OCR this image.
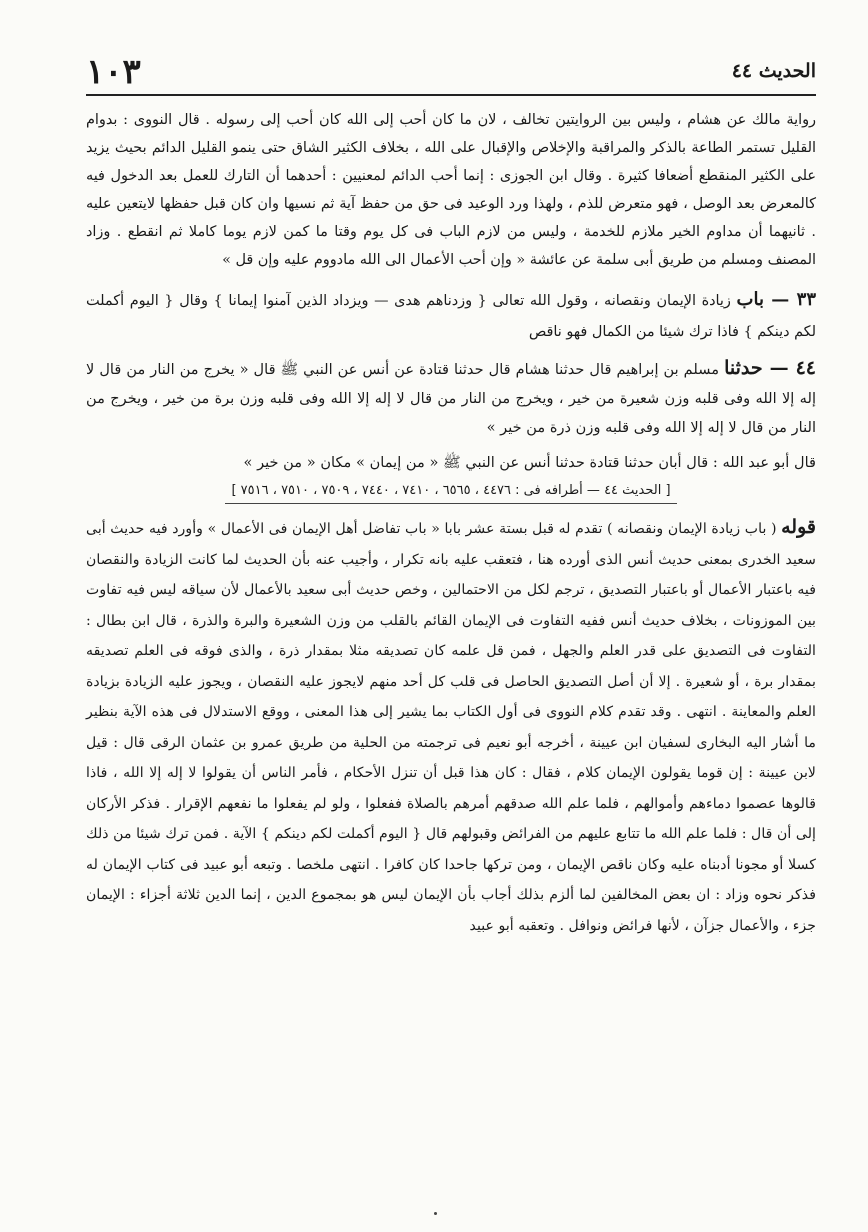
الحديث ٤٤
١٠٣

رواية مالك عن هشام ، وليس بين الروايتين تخالف ، لان ما كان أحب إلى الله كان أحب إلى رسوله . قال النووى : بدوام القليل تستمر الطاعة بالذكر والمراقبة والإخلاص والإقبال على الله ، بخلاف الكثير الشاق حتى ينمو القليل الدائم بحيث يزيد على الكثير المنقطع أضعافا كثيرة . وقال ابن الجوزى : إنما أحب الدائم لمعنيين : أحدهما أن التارك للعمل بعد الدخول فيه كالمعرض بعد الوصل ، فهو متعرض للذم ، ولهذا ورد الوعيد فى حق من حفظ آية ثم نسيها وان كان قبل حفظها لايتعين عليه . ثانيهما أن مداوم الخير ملازم للخدمة ، وليس من لازم الباب فى كل يوم وقتا ما كمن لازم يوما كاملا ثم انقطع . وزاد المصنف ومسلم من طريق أبى سلمة عن عائشة « وإن أحب الأعمال الى الله مادووم عليه وإن قل »

٣٣ — باب زيادة الإيمان ونقصانه ، وقول الله تعالى { وزدناهم هدى — ويزداد الذين آمنوا إيمانا } وقال { اليوم أكملت لكم دينكم } فاذا ترك شيئا من الكمال فهو ناقص

٤٤ — حدثنا مسلم بن إبراهيم قال حدثنا هشام قال حدثنا قتادة عن أنس عن النبي ﷺ قال « يخرج من النار من قال لا إله إلا الله وفى قلبه وزن شعيرة من خير ، ويخرج من النار من قال لا إله إلا الله وفى قلبه وزن برة من خير ، ويخرج من النار من قال لا إله إلا الله وفى قلبه وزن ذرة من خير »

قال أبو عبد الله : قال أبان حدثنا قتادة حدثنا أنس عن النبي ﷺ « من إيمان » مكان « من خير »

[ الحديث ٤٤ — أطرافه فى : ٤٤٧٦ ، ٦٥٦٥ ، ٧٤١٠ ، ٧٤٤٠ ، ٧٥٠٩ ، ٧٥١٠ ، ٧٥١٦ ]

قوله ( باب زيادة الإيمان ونقصانه ) تقدم له قبل بستة عشر بابا « باب تفاضل أهل الإيمان فى الأعمال » وأورد فيه حديث أبى سعيد الخدرى بمعنى حديث أنس الذى أورده هنا ، فتعقب عليه بانه تكرار ، وأجيب عنه بأن الحديث لما كانت الزيادة والنقصان فيه باعتبار الأعمال أو باعتبار التصديق ، ترجم لكل من الاحتمالين ، وخص حديث أبى سعيد بالأعمال لأن سياقه ليس فيه تفاوت بين الموزونات ، بخلاف حديث أنس ففيه التفاوت فى الإيمان القائم بالقلب من وزن الشعيرة والبرة والذرة ، قال ابن بطال : التفاوت فى التصديق على قدر العلم والجهل ، فمن قل علمه كان تصديقه مثلا بمقدار ذرة ، والذى فوقه فى العلم تصديقه بمقدار برة ، أو شعيرة . إلا أن أصل التصديق الحاصل فى قلب كل أحد منهم لايجوز عليه النقصان ، ويجوز عليه الزيادة بزيادة العلم والمعاينة . انتهى . وقد تقدم كلام النووى فى أول الكتاب بما يشير إلى هذا المعنى ، ووقع الاستدلال فى هذه الآية بنظير ما أشار اليه البخارى لسفيان ابن عيينة ، أخرجه أبو نعيم فى ترجمته من الحلية من طريق عمرو بن عثمان الرقى قال : قيل لابن عيينة : إن قوما يقولون الإيمان كلام ، فقال : كان هذا قبل أن تنزل الأحكام ، فأمر الناس أن يقولوا لا إله إلا الله ، فاذا قالوها عصموا دماءهم وأموالهم ، فلما علم الله صدقهم أمرهم بالصلاة ففعلوا ، ولو لم يفعلوا ما نفعهم الإقرار . فذكر الأركان إلى أن قال : فلما علم الله ما تتابع عليهم من الفرائض وقبولهم قال { اليوم أكملت لكم دينكم } الآية . فمن ترك شيئا من ذلك كسلا أو مجونا أدبناه عليه وكان ناقص الإيمان ، ومن تركها جاحدا كان كافرا . انتهى ملخصا . وتبعه أبو عبيد فى كتاب الإيمان له فذكر نحوه وزاد : ان بعض المخالفين لما ألزم بذلك أجاب بأن الإيمان ليس هو بمجموع الدين ، إنما الدين ثلاثة أجزاء : الإيمان جزء ، والأعمال جزآن ، لأنها فرائض ونوافل . وتعقبه أبو عبيد
